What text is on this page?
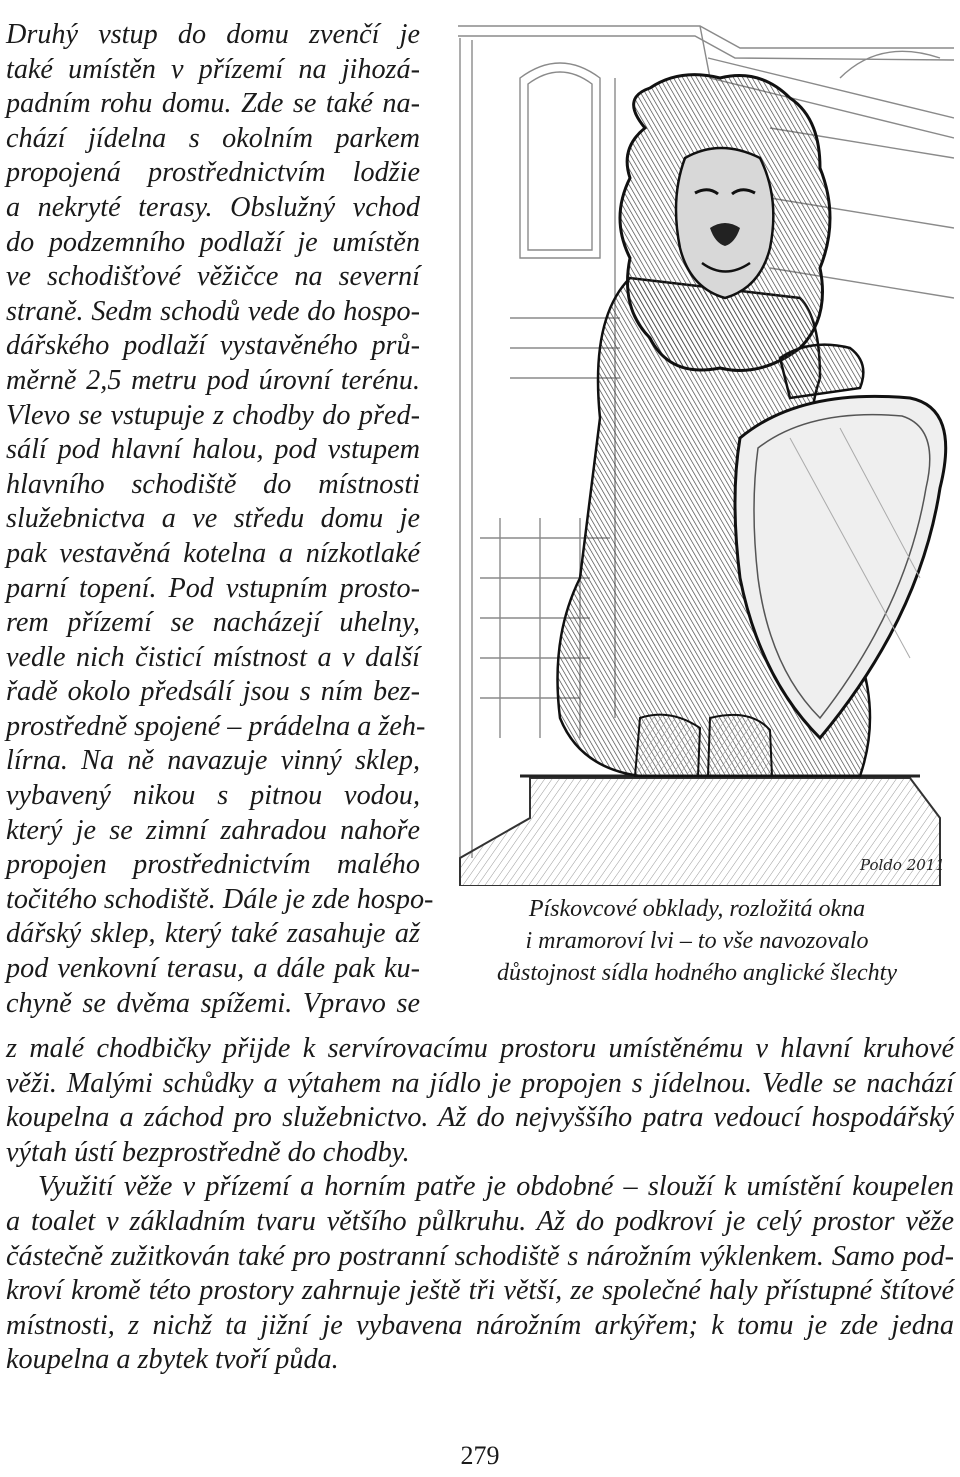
Druhý vstup do domu zvenčí je
také umístěn v přízemí na jihozá-
padním rohu domu. Zde se také na-
chází jídelna s okolním parkem
propojená prostřednictvím lodžie
a nekryté terasy. Obslužný vchod
do podzemního podlaží je umístěn
ve schodišťové věžičce na severní
straně. Sedm schodů vede do hospo-
dářského podlaží vystavěného prů-
měrně 2,5 metru pod úrovní terénu.
Vlevo se vstupuje z chodby do před-
sálí pod hlavní halou, pod vstupem
hlavního schodiště do místnosti
služebnictva a ve středu domu je
pak vestavěná kotelna a nízkotlaké
parní topení. Pod vstupním prosto-
rem přízemí se nacházejí uhelny,
vedle nich čisticí místnost a v další
řadě okolo předsálí jsou s ním bez-
prostředně spojené – prádelna a žeh-
lírna. Na ně navazuje vinný sklep,
vybavený nikou s pitnou vodou,
který je se zimní zahradou nahoře
propojen prostřednictvím malého
točitého schodiště. Dále je zde hospo-
dářský sklep, který také zasahuje až
pod venkovní terasu, a dále pak ku-
chyně se dvěma spížemi. Vpravo se
Poldo 2011
Pískovcové obklady, rozložitá okna
i mramoroví lvi – to vše navozovalo
důstojnost sídla hodného anglické šlechty
z malé chodbičky přijde k servírovacímu prostoru umístěnému v hlavní kruhové
věži. Malými schůdky a výtahem na jídlo je propojen s jídelnou. Vedle se nachází
koupelna a záchod pro služebnictvo. Až do nejvyššího patra vedoucí hospodářský
výtah ústí bezprostředně do chodby.
Využití věže v přízemí a horním patře je obdobné – slouží k umístění koupelen
a toalet v základním tvaru většího půlkruhu. Až do podkroví je celý prostor věže
částečně zužitkován také pro postranní schodiště s nárožním výklenkem. Samo pod-
kroví kromě této prostory zahrnuje ještě tři větší, ze společné haly přístupné štítové
místnosti, z nichž ta jižní je vybavena nárožním arkýřem; k tomu je zde jedna
koupelna a zbytek tvoří půda.
279
